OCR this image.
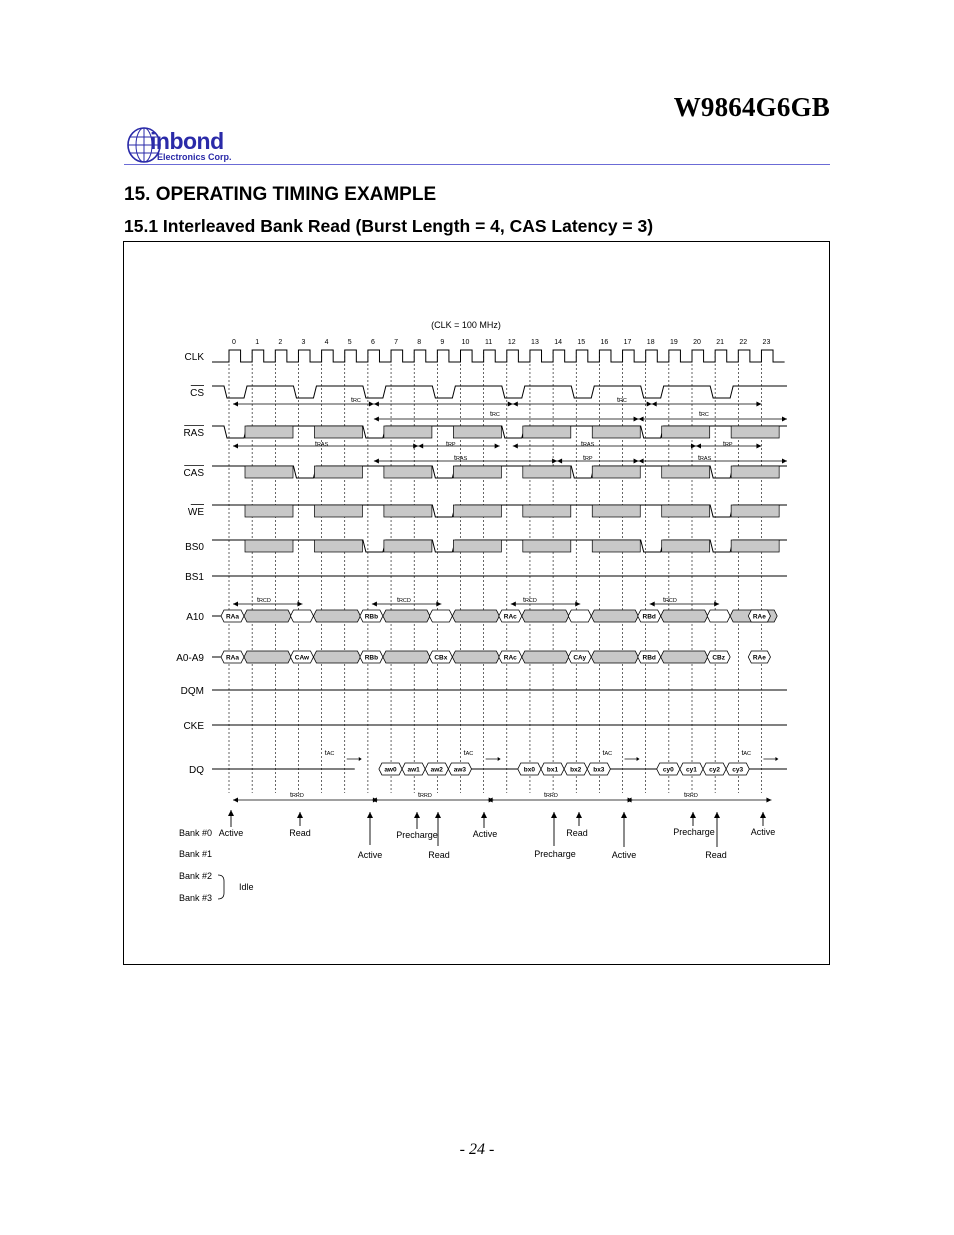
W9864G6GB
inbond
Electronics Corp.
15. OPERATING TIMING EXAMPLE
15.1 Interleaved Bank Read (Burst Length = 4, CAS Latency = 3)
(CLK = 100 MHz)
0	1	2	3	4	5	6	7	8	9 10 11 12 13 14 15 16 17 18 19 20 21 22 23
CLK
CS
RAS
CAS
WE
BS0
BS1
A10
A0-A9
DQM
CKE
DQ
RAa	RBb	RAc	RBd	RAe
RAa	CAw	RBb	CBx	RAc	CAy	RBd	CBz	RAe
aw0 aw1 aw2 aw3	bx0 bx1 bx2 bx3	cy0 cy1 cy2 cy3
tAC	tAC	tAC	tAC
tRC	tRC
tRC	tRC
tRAS	tRP	tRAS	tRP
tRAS	tRP	tRAS
tRCD	tRCD	tRCD	tRCD
tRRD	tRRD	tRRD	tRRD
Bank #0
Bank #1
Bank #2
Bank #3
Active	Read	Precharge	Active	Read	Precharge	Active
Active	Read	Precharge	Active	Read
Idle
- 24 -
